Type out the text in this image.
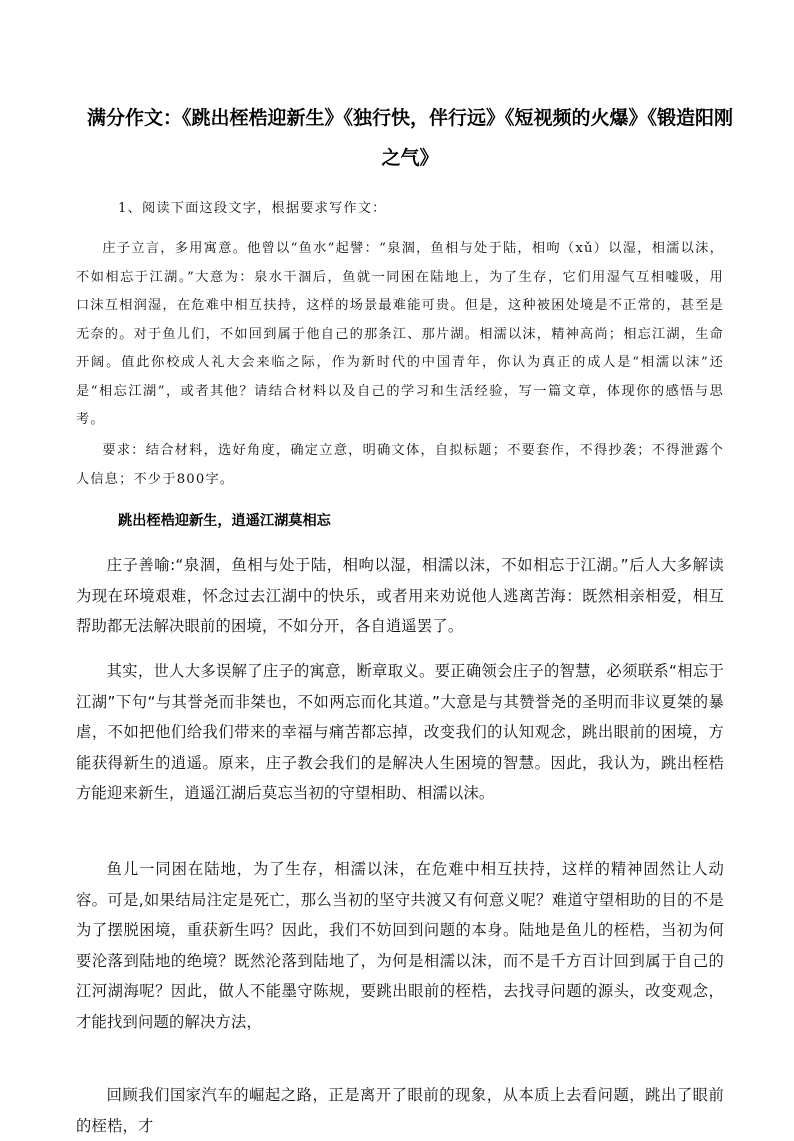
满分作文：《跳出桎梏迎新生》《独行快，伴行远》《短视频的火爆》《锻造阳刚之气》

1、阅读下面这段文字，根据要求写作文：

庄子立言，多用寓意。他曾以“鱼水”起譬：“泉涸，鱼相与处于陆，相呴（xǔ）以湿，相濡以沫，不如相忘于江湖。”大意为：泉水干涸后，鱼就一同困在陆地上，为了生存，它们用湿气互相嘘吸，用口沫互相润湿，在危难中相互扶持，这样的场景最难能可贵。但是，这种被困处境是不正常的，甚至是无奈的。对于鱼儿们，不如回到属于他自己的那条江、那片湖。相濡以沫，精神高尚；相忘江湖，生命开阔。值此你校成人礼大会来临之际，作为新时代的中国青年，你认为真正的成人是“相濡以沫”还是“相忘江湖”，或者其他？请结合材料以及自己的学习和生活经验，写一篇文章，体现你的感悟与思考。

要求：结合材料，选好角度，确定立意，明确文体，自拟标题；不要套作，不得抄袭；不得泄露个人信息；不少于800字。

跳出桎梏迎新生，逍遥江湖莫相忘

庄子善喻:“泉涸，鱼相与处于陆，相呴以湿，相濡以沫，不如相忘于江湖。”后人大多解读为现在环境艰难，怀念过去江湖中的快乐，或者用来劝说他人逃离苦海：既然相亲相爱，相互帮助都无法解决眼前的困境，不如分开，各自逍遥罢了。

其实，世人大多误解了庄子的寓意，断章取义。要正确领会庄子的智慧，必须联系“相忘于江湖”下句“与其誉尧而非桀也，不如两忘而化其道。”大意是与其赞誉尧的圣明而非议夏桀的暴虐，不如把他们给我们带来的幸福与痛苦都忘掉，改变我们的认知观念，跳出眼前的困境，方能获得新生的逍遥。原来，庄子教会我们的是解决人生困境的智慧。因此，我认为，跳出桎梏方能迎来新生，逍遥江湖后莫忘当初的守望相助、相濡以沫。

鱼儿一同困在陆地，为了生存，相濡以沫，在危难中相互扶持，这样的精神固然让人动容。可是,如果结局注定是死亡，那么当初的坚守共渡又有何意义呢？难道守望相助的目的不是为了摆脱困境，重获新生吗？因此，我们不妨回到问题的本身。陆地是鱼儿的桎梏，当初为何要沦落到陆地的绝境？既然沦落到陆地了，为何是相濡以沫，而不是千方百计回到属于自己的江河湖海呢？因此，做人不能墨守陈规，要跳出眼前的桎梏，去找寻问题的源头，改变观念，才能找到问题的解决方法，

回顾我们国家汽车的崛起之路，正是离开了眼前的现象，从本质上去看问题，跳出了眼前的桎梏，才
